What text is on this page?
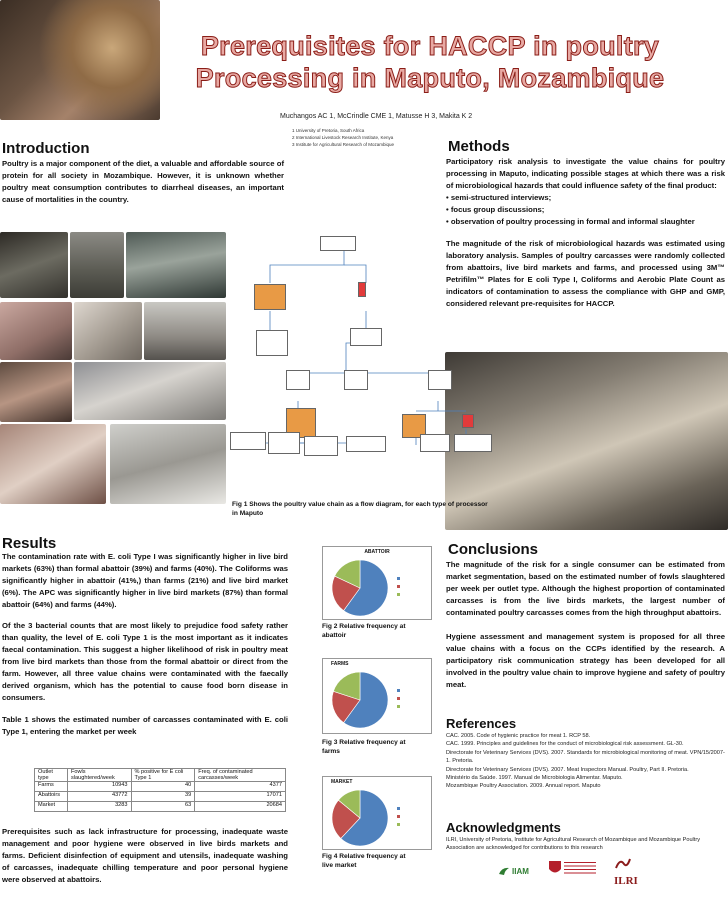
Prerequisites for HACCP in poultry
Processing in Maputo, Mozambique
Muchangos AC 1, McCrindle CME 1, Matusse H 3, Makita K 2
1 University of Pretoria, South Africa
2 International Livestock Research Institute, Kenya
3 Institute for Agricultural Research of Mozambique
Introduction
Poultry is a major component of the diet, a valuable and affordable source of protein for all society in Mozambique. However, it is unknown whether poultry meat consumption contributes to diarrheal diseases, an important cause of mortalities in the country.
Methods

Participatory risk analysis to investigate the value chains for poultry processing in Maputo, indicating possible stages at which there was a risk of microbiological hazards that could influence safety of the final product:

• semi-structured interviews;
• focus group discussions;
• observation of poultry processing in formal and informal slaughter

The magnitude of the risk of microbiological hazards was estimated using laboratory analysis. Samples of poultry carcasses were randomly collected from abattoirs, live bird markets and farms, and processed using 3M™ Petrifilm™ Plates for E coli Type I, Coliforms and Aerobic Plate Count as indicators of contamination to assess the compliance with GHP and GMP, considered relevant pre-requisites for HACCP.

Fig 1 Shows the poultry value chain as a flow diagram, for each type of processor in Maputo
Results

The contamination rate with E. coli Type I was significantly higher in live bird markets (63%) than formal abattoir (39%) and farms (40%). The Coliforms was significantly higher in abattoir (41%,) than farms (21%) and live bird market (6%). The APC was significantly higher in live bird markets (87%) than formal abattoir (64%) and farms (44%).

Of the 3 bacterial counts that are most likely to prejudice food safety rather than quality, the level of E. coli Type 1 is the most important as it indicates faecal contamination. This suggest a higher likelihood of risk in poultry meat from live bird markets than those from the formal abattoir or direct from the farm. However, all three value chains were contaminated with the faecally derived organism, which has the potential to cause food born disease in consumers.

Table 1 shows the estimated number of carcasses contaminated with E. coli Type 1, entering the market per week

Outlet type	Fowls slaughtered/week	% positive for E coli Type 1	Freq. of contaminated carcasses/week
Farms	10943	40	4377
Abattoirs	43772	39	17071
Market	3283	63	20684
Prerequisites such as lack infrastructure for processing, inadequate waste management and poor hygiene were observed in live birds markets and farms. Deficient disinfection of equipment and utensils, inadequate washing of carcasses, inadequate chilling temperature and poor personal hygiene were observed at abattoirs.
ABATTOIR
Fig 2 Relative frequency at abattoir
FARMS
Fig 3 Relative frequency at farms
MARKET
Fig 4 Relative frequency at live market
Conclusions

The magnitude of the risk for a single consumer can be estimated from market segmentation, based on the estimated number of fowls slaughtered per week per outlet type. Although the highest proportion of contaminated carcasses is from the live birds markets, the largest number of contaminated poultry carcasses comes from the high throughput abattoirs.

Hygiene assessment and management system is proposed for all three value chains with a focus on the CCPs identified by the research. A participatory risk communication strategy has been developed for all involved in the poultry value chain to improve hygiene and safety of poultry meat.

References
CAC. 2005. Code of hygienic practice for meat 1. RCP 58.
CAC. 1999. Principles and guidelines for the conduct of microbiological risk assessment. GL-30.
Directorate for Veterinary Services (DVS). 2007. Standards for microbiological monitoring of meat. VPN/15/2007-1. Pretoria.
Directorate for Veterinary Services (DVS). 2007. Meat Inspectors Manual. Poultry, Part II. Pretoria.
Ministério da Saúde. 1997. Manual de Microbiologia Alimentar. Maputo.
Mozambique Poultry Association. 2009. Annual report. Maputo
Acknowledgments
ILRI, University of Pretoria, Institute for Agricultural Research of Mozambique and Mozambique Poultry Association are acknowledged for contributions to this research
IIAM
ILRI
